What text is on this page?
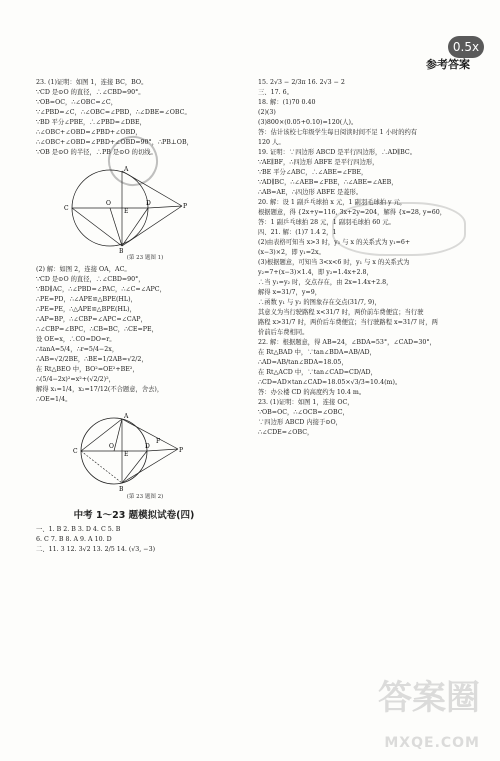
0.5x
参考答案
23. (1)证明：如图 1，连接 BC，BO。
∵CD 是⊙O 的直径，∴∠CBD=90°。
∵OB=OC，∴∠OBC=∠C，
∵∠PBD=∠C，∴∠OBC=∠PBD，∴∠DBE=∠OBC。
∵BD 平分∠PBE，∴∠PBD=∠DBE，
∴∠OBC+∠OBD=∠PBD+∠OBD，
∴∠OBC+∠OBD=∠PBD+∠OBD=90°，∴PB⊥OB，
∵OB 是⊙O 的半径，∴PB 是⊙O 的切线。
A
C
O	D	P
E
B
(第 23 题图 1)
(2) 解：如图 2，连接 OA，AC。
∵CD 是⊙O 的直径，∴∠CBD=90°，
∵BD∥AC，∴∠PBD=∠PAC，∴∠C=∠APC，
∴PE=PD，∴∠APE≌△BPE(HL)，
∴PE=PE，∴△APE≌△BPE(HL)，
∴AP=BP，∴∠CBP=∠APC=∠CAP，
∴∠CBP=∠BPC，∴CB=BC，∴CE=PE，
设 OE=x，∴CO=DO=r。
∴tanA=5/4，∴r=5/4−2x，
∴AB=√2/2BE，∴BE=1/2AB=√2/2，
在 Rt△BEO 中，BO²=OE²+BE²，
∴(5/4−2x)²=x²+(√2/2)²，
解得 x₁=1/4，x₂=17/12(不合题意，舍去)，
∴OE=1/4。
A
C
O
E
D
F
P
B
(第 23 题图 2)
中考 1～23 题模拟试卷(四)
一、1. B 2. B 3. D 4. C 5. B
6. C 7. B 8. A 9. A 10. D
二、11. 3 12. 3√2 13. 2/5 14. (√3, −3)
15. 2√3 − 2/3π 16. 2√3 − 2
三、17. 6。
18. 解：(1)70 0.40
(2)(3)
(3)800×(0.05+0.10)=120(人)。
答：估计该校七年级学生每日阅读时间不足 1 小时的约有
120 人。
19. 证明：∵四边形 ABCD 是平行四边形，∴AD∥BC。
∵AE∥BF，∴四边形 ABFE 是平行四边形，
∵BE 平分∠ABC，∴∠ABE=∠FBE，
∵AD∥BC，∴∠AEB=∠FBE，∴∠ABE=∠AEB，
∴AB=AE，∴四边形 ABFE 是菱形。
20. 解：设 1 副乒乓球拍 x 元，1 副羽毛球拍 y 元，
根据题意，得 {2x+y=116, 3x+2y=204，解得 {x=28, y=60，
答：1 副乒乓球拍 28 元，1 副羽毛球拍 60 元。
四、21. 解：(1)7 1.4 2，1
(2)由表格可知当 x>3 时，y₁ 与 x 的关系式为 y₁=6+
(x−3)×2，即 y₁=2x。
(3)根据题意，可知当 3<x<6 时，y₁ 与 x 的关系式为
y₂=7+(x−3)×1.4，即 y₂=1.4x+2.8，
∴当 y₁=y₂ 时，交点存在，由 2x=1.4x+2.8，
解得 x=31/7，y=9，
∴函数 y₁ 与 y₂ 的图象存在交点(31/7, 9)，
其意义为当行驶路程 x<31/7 时，两价前车费便宜；当行驶
路程 x>31/7 时，两价后车费便宜；当行驶路程 x=31/7 时，两
价前后车费相同。
22. 解：根据题意，得 AB=24，∠BDA=53°，∠CAD=30°，
在 Rt△BAD 中，∵tan∠BDA=AB/AD，
∴AD=AB/tan∠BDA≈18.05，
在 Rt△ACD 中，∵tan∠CAD=CD/AD，
∴CD=AD×tan∠CAD≈18.05×√3/3≈10.4(m)。
答：办公楼 CD 的高度约为 10.4 m。
23. (1)证明：如图 1，连接 OC，
∵OB=OC，∴∠OCB=∠OBC，
∵四边形 ABCD 内接于⊙O，
∴∠CDE=∠OBC，
答案圈
MXQE.COM
